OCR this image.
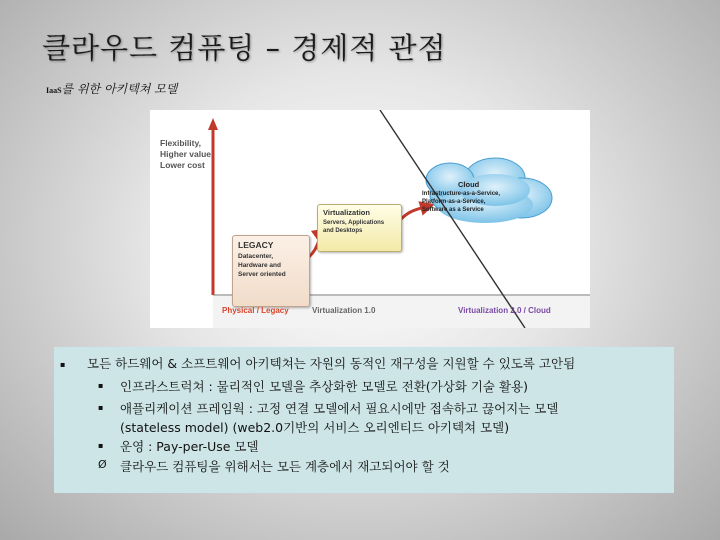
클라우드 컴퓨팅 – 경제적 관점
IaaS를 위한 아키텍쳐 모델
Flexibility,
Higher value
Lower cost
LEGACY
Datacenter,
Hardware and
Server oriented
Virtualization
Servers, Applications
and Desktops
Cloud
Infrastructure-as-a-Service,
Platform-as-a-Service,
Software as a Service
Physical / Legacy	Virtualization 1.0	Virtualization 2.0 / Cloud
▪ 모든 하드웨어 & 소프트웨어 아키텍쳐는 자원의 동적인 재구성을 지원할 수 있도록 고안됨
▪ 인프라스트럭쳐 : 물리적인 모델을 추상화한 모델로 전환(가상화 기술 활용)
▪ 애플리케이션 프레임웍 : 고정 연결 모델에서 필요시에만 접속하고 끊어지는 모델
(stateless model) (web2.0기반의 서비스 오리엔티드 아키텍쳐 모델)
▪ 운영 : Pay-per-Use 모델
Ø 클라우드 컴퓨팅을 위해서는 모든 계층에서 재고되어야 할 것
